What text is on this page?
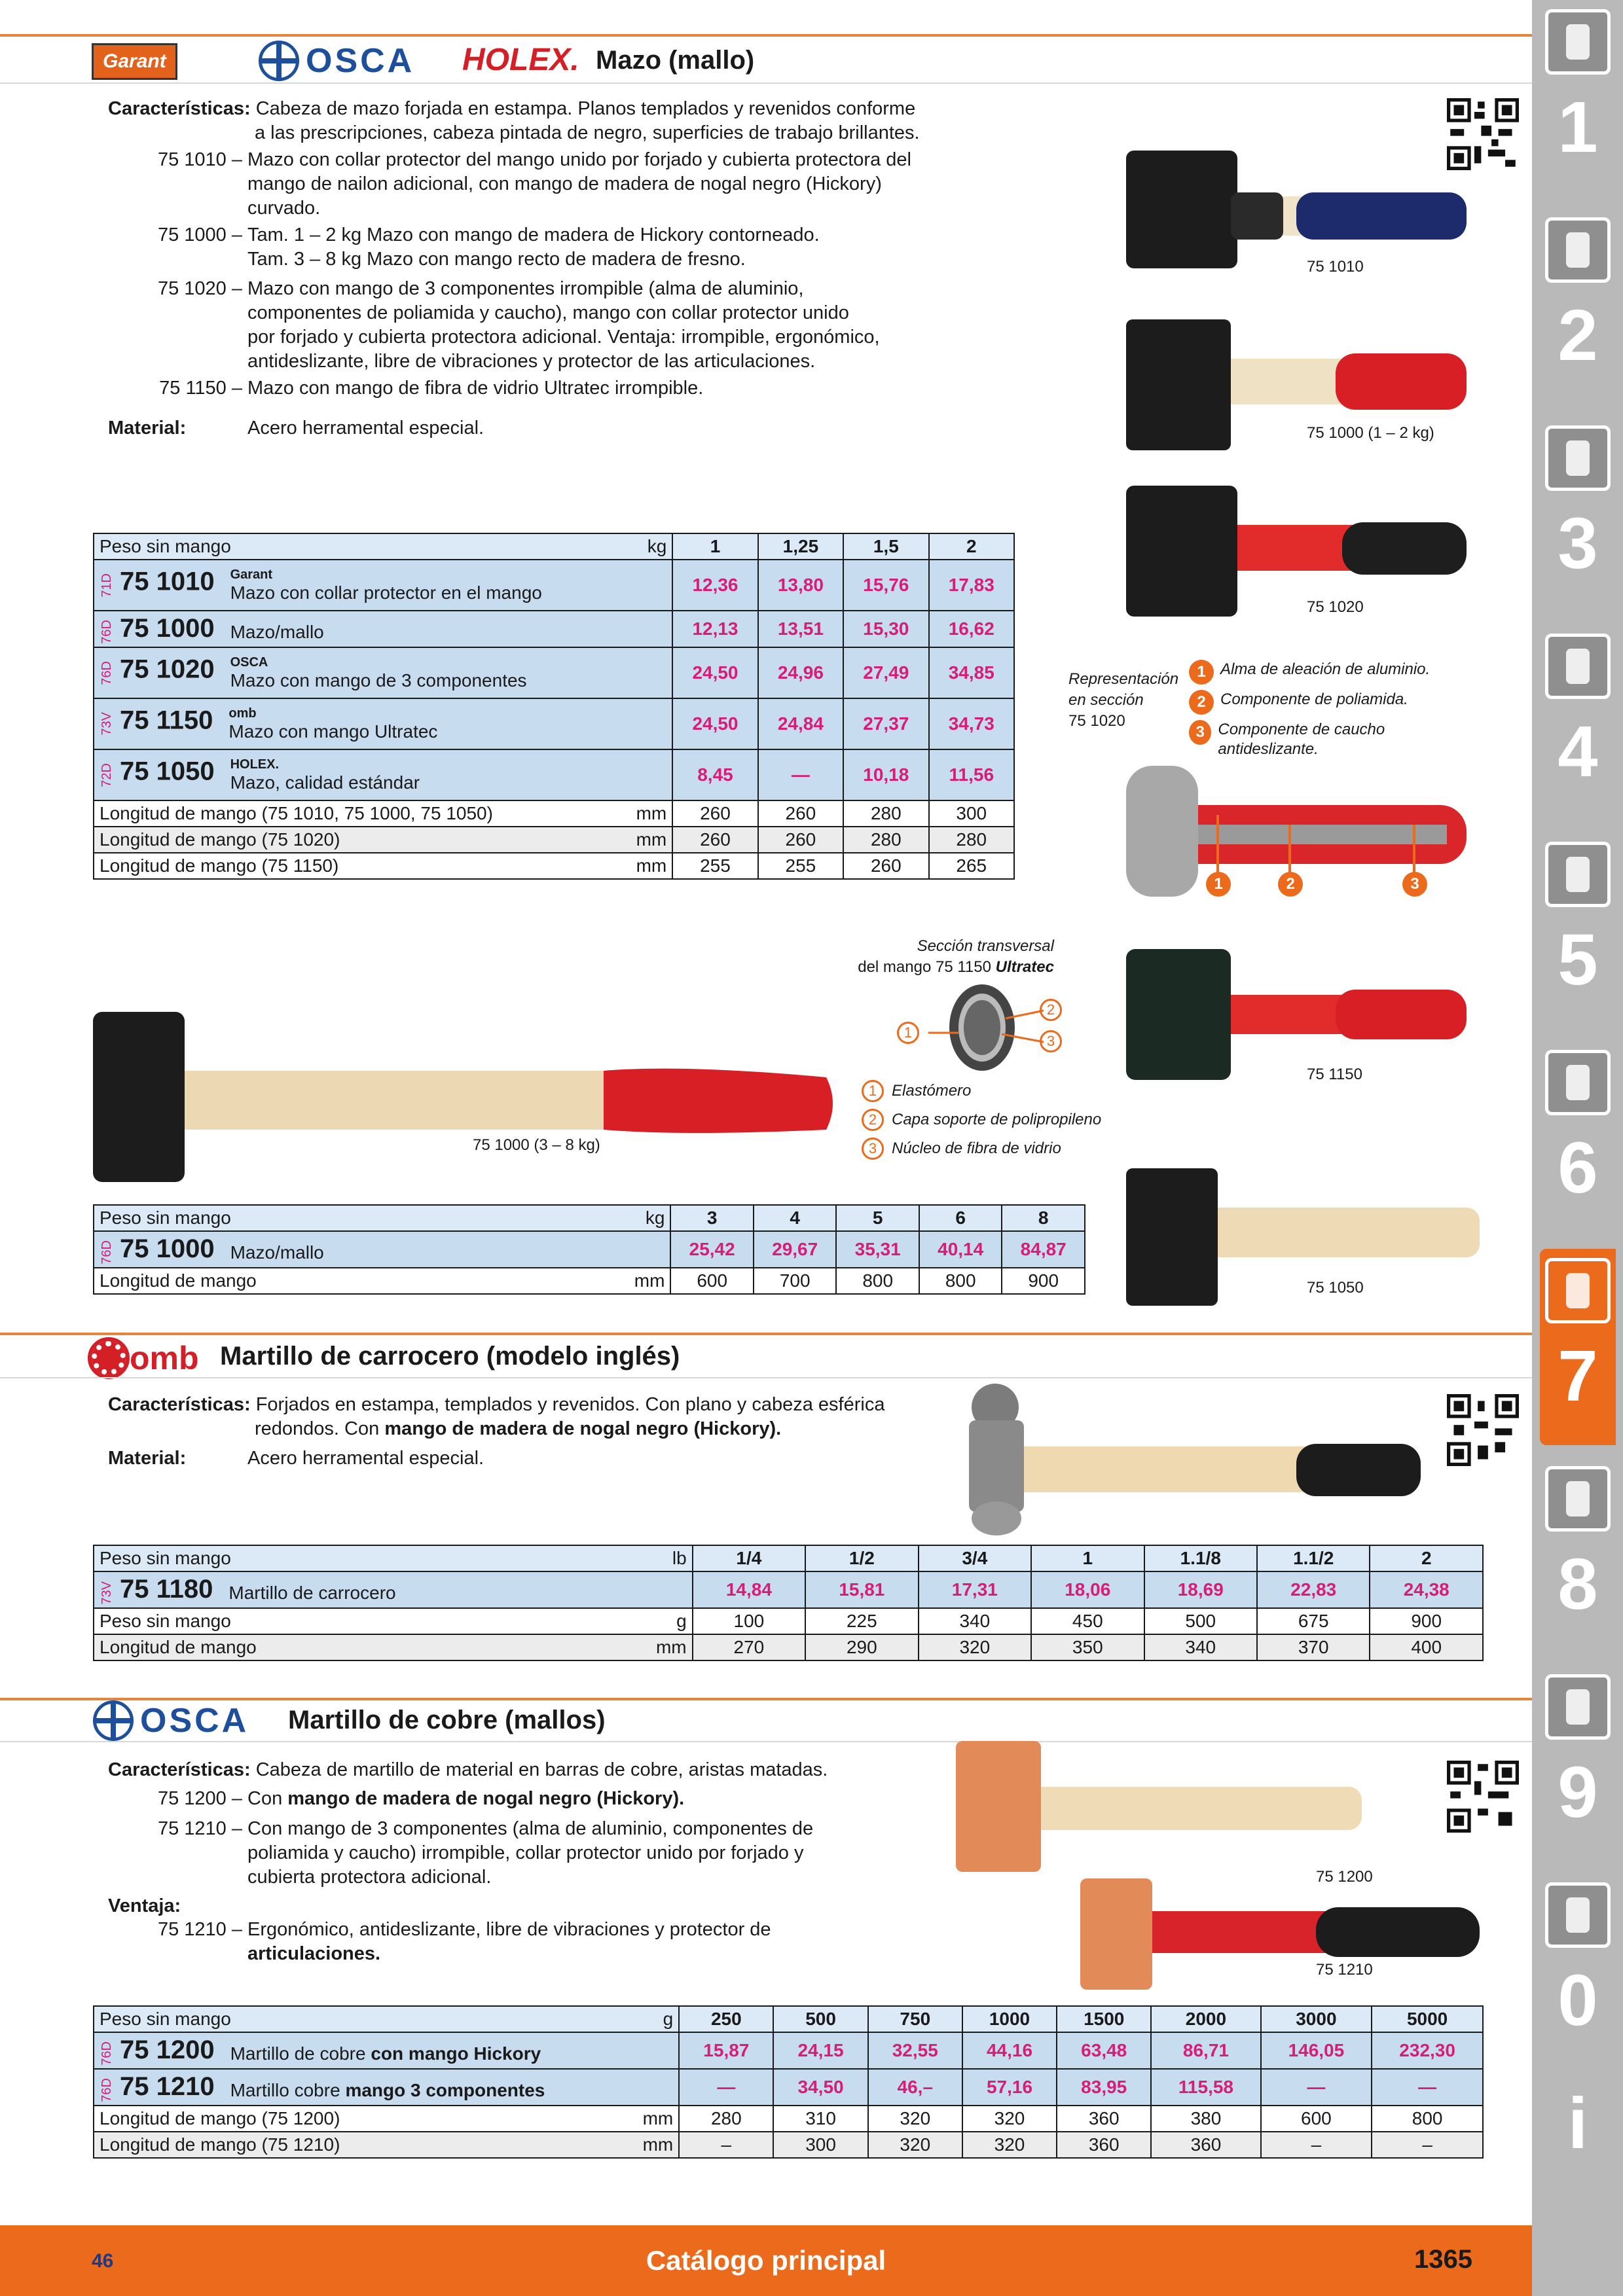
1
2
3
4
5
6
7
8
9
0
i
Garant	OSCA HOLEX. Mazo (mallo)
Características: Cabeza de mazo forjada en estampa. Planos templados y revenidos conforme
a las prescripciones, cabeza pintada de negro, superficies de trabajo brillantes.
75 1010 – Mazo con collar protector del mango unido por forjado y cubierta protectora del
mango de nailon adicional, con mango de madera de nogal negro (Hickory)
curvado.
75 1000 – Tam. 1 – 2 kg Mazo con mango de madera de Hickory contorneado.
Tam. 3 – 8 kg Mazo con mango recto de madera de fresno.
75 1020 – Mazo con mango de 3 componentes irrompible (alma de aluminio,
componentes de poliamida y caucho), mango con collar protector unido
por forjado y cubierta protectora adicional. Ventaja: irrompible, ergonómico,
antideslizante, libre de vibraciones y protector de las articulaciones.
75 1150 – Mazo con mango de fibra de vidrio Ultratec irrompible.
Material:	Acero herramental especial.
75 1010
75 1000 (1 – 2 kg)
75 1020
Representación
en sección
75 1020
1 Alma de aleación de aluminio.
2 Componente de poliamida.
3 Componente de caucho antideslizante.
1	2	3
75 1150
75 1050
Peso sin mango	kg	1	1,25	1,5	2
71D 75 1010 Garant
Mazo con collar protector en el mango		12,36	13,80	15,76	17,83
76D 75 1000 Mazo/mallo		12,13	13,51	15,30	16,62
76D 75 1020 OSCA
Mazo con mango de 3 componentes		24,50	24,96	27,49	34,85
73V 75 1150 omb
Mazo con mango Ultratec		24,50	24,84	27,37	34,73
72D 75 1050 HOLEX.
Mazo, calidad estándar		8,45	—	10,18	11,56
Longitud de mango (75 1010, 75 1000, 75 1050)	mm	260	260	280	300
Longitud de mango (75 1020)	mm	260	260	280	280
Longitud de mango (75 1150)	mm	255	255	260	265
Sección transversal
del mango 75 1150 Ultratec
1
2
3
1 Elastómero
2 Capa soporte de polipropileno
3 Núcleo de fibra de vidrio
75 1000 (3 – 8 kg)
Peso sin mango	kg	3	4	5	6	8
76D 75 1000 Mazo/mallo		25,42	29,67	35,31	40,14	84,87
Longitud de mango	mm	600	700	800	800	900
omb Martillo de carrocero (modelo inglés)
Características: Forjados en estampa, templados y revenidos. Con plano y cabeza esférica
redondos. Con mango de madera de nogal negro (Hickory).
Material:	Acero herramental especial.
Peso sin mango	lb	1/4	1/2	3/4	1	1.1/8	1.1/2	2
73V 75 1180 Martillo de carrocero		14,84	15,81	17,31	18,06	18,69	22,83	24,38
Peso sin mango	g	100	225	340	450	500	675	900
Longitud de mango	mm	270	290	320	350	340	370	400
OSCA Martillo de cobre (mallos)
Características: Cabeza de martillo de material en barras de cobre, aristas matadas.
75 1200 – Con mango de madera de nogal negro (Hickory).
75 1210 – Con mango de 3 componentes (alma de aluminio, componentes de
poliamida y caucho) irrompible, collar protector unido por forjado y
cubierta protectora adicional.
Ventaja:
75 1210 – Ergonómico, antideslizante, libre de vibraciones y protector de
articulaciones.
75 1200
75 1210
Peso sin mango	g	250	500	750	1000	1500	2000	3000	5000
76D 75 1200 Martillo de cobre con mango Hickory		15,87	24,15	32,55	44,16	63,48	86,71	146,05	232,30
76D 75 1210 Martillo cobre mango 3 componentes		—	34,50	46,–	57,16	83,95	115,58	—	—
Longitud de mango (75 1200)	mm	280	310	320	320	360	380	600	800
Longitud de mango (75 1210)	mm	–	300	320	320	360	360	–	–
46	Catálogo principal	1365
